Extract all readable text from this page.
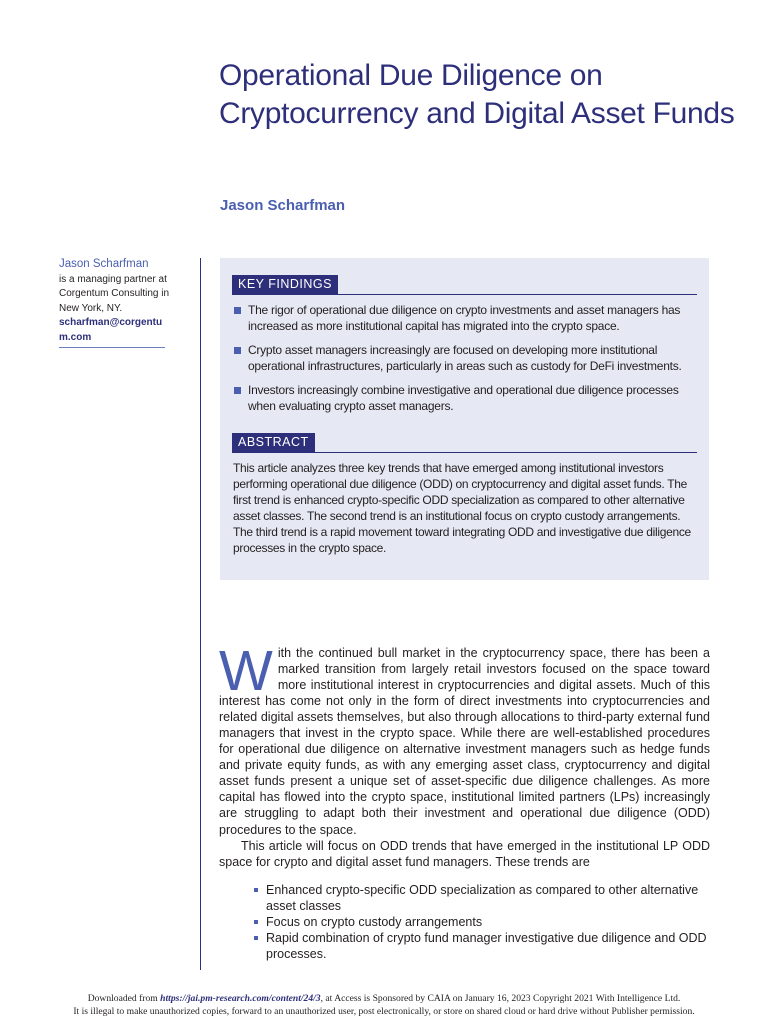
Operational Due Diligence on Cryptocurrency and Digital Asset Funds
Jason Scharfman
Jason Scharfman
is a managing partner at Corgentum Consulting in New York, NY.
scharfman@corgentum.com
KEY FINDINGS
The rigor of operational due diligence on crypto investments and asset managers has increased as more institutional capital has migrated into the crypto space.
Crypto asset managers increasingly are focused on developing more institutional operational infrastructures, particularly in areas such as custody for DeFi investments.
Investors increasingly combine investigative and operational due diligence processes when evaluating crypto asset managers.
ABSTRACT

This article analyzes three key trends that have emerged among institutional investors performing operational due diligence (ODD) on cryptocurrency and digital asset funds. The first trend is enhanced crypto-specific ODD specialization as compared to other alternative asset classes. The second trend is an institutional focus on crypto custody arrangements. The third trend is a rapid movement toward integrating ODD and investigative due diligence processes in the crypto space.

With the continued bull market in the cryptocurrency space, there has been a marked transition from largely retail investors focused on the space toward more institutional interest in cryptocurrencies and digital assets. Much of this interest has come not only in the form of direct investments into cryptocurrencies and related digital assets themselves, but also through allocations to third-party external fund managers that invest in the crypto space. While there are well-established procedures for operational due diligence on alternative investment managers such as hedge funds and private equity funds, as with any emerging asset class, cryptocurrency and digital asset funds present a unique set of asset-specific due diligence challenges. As more capital has flowed into the crypto space, institutional limited partners (LPs) increasingly are struggling to adapt both their investment and operational due diligence (ODD) procedures to the space.

This article will focus on ODD trends that have emerged in the institutional LP ODD space for crypto and digital asset fund managers. These trends are

Enhanced crypto-specific ODD specialization as compared to other alternative asset classes
Focus on crypto custody arrangements
Rapid combination of crypto fund manager investigative due diligence and ODD processes.
Downloaded from https://jai.pm-research.com/content/24/3, at Access is Sponsored by CAIA on January 16, 2023 Copyright 2021 With Intelligence Ltd.
It is illegal to make unauthorized copies, forward to an unauthorized user, post electronically, or store on shared cloud or hard drive without Publisher permission.
